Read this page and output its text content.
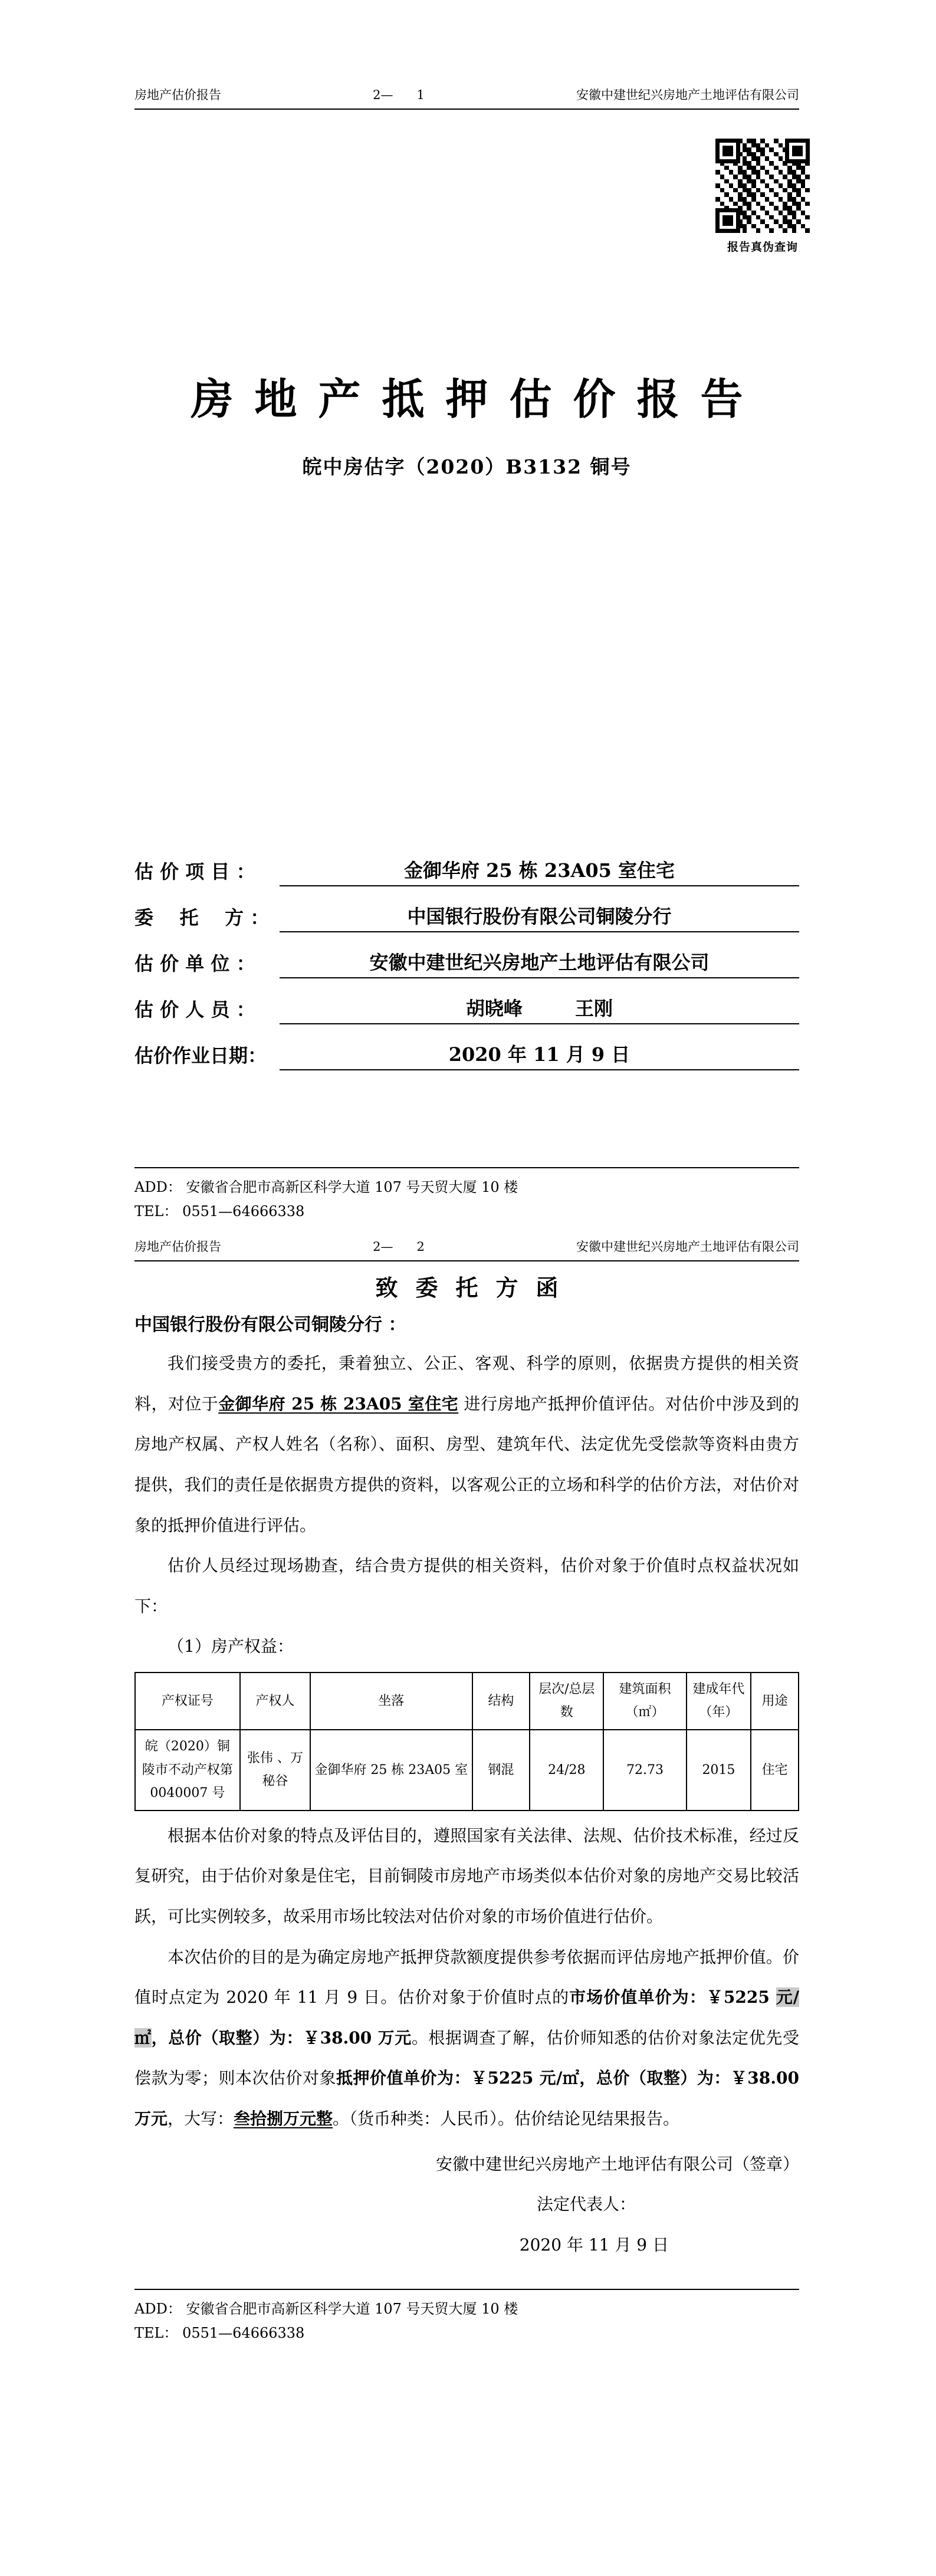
房地产估价报告	2—      1	安徽中建世纪兴房地产土地评估有限公司
报告真伪查询
房地产抵押估价报告
皖中房估字（2020）B3132 铜号
估 价 项 目 ：	金御华府 25 栋 23A05 室住宅
委    托    方 ：	中国银行股份有限公司铜陵分行
估 价 单 位 ：	安徽中建世纪兴房地产土地评估有限公司
估 价 人 员 ：	胡晓峰        王刚
估价作业日期：	2020 年 11 月 9 日
ADD： 安徽省合肥市高新区科学大道 107 号天贸大厦 10 楼
TEL： 0551—64666338
房地产估价报告	2—      2	安徽中建世纪兴房地产土地评估有限公司
致委托方函
中国银行股份有限公司铜陵分行 ：

我们接受贵方的委托，秉着独立、公正、客观、科学的原则，依据贵方提供的相关资料，对位于金御华府 25 栋 23A05 室住宅 进行房地产抵押价值评估。对估价中涉及到的房地产权属、产权人姓名（名称）、面积、房型、建筑年代、法定优先受偿款等资料由贵方提供，我们的责任是依据贵方提供的资料，以客观公正的立场和科学的估价方法，对估价对象的抵押价值进行评估。

估价人员经过现场勘查，结合贵方提供的相关资料，估价对象于价值时点权益状况如下：

（1）房产权益：

产权证号	产权人	坐落	结构	层次/总层数	建筑面积（㎡）	建成年代（年）	用途
皖（2020）铜陵市不动产权第0040007 号	张伟 、万秘谷	金御华府 25 栋 23A05 室	钢混	24/28	72.73	2015	住宅

根据本估价对象的特点及评估目的，遵照国家有关法律、法规、估价技术标准，经过反复研究，由于估价对象是住宅，目前铜陵市房地产市场类似本估价对象的房地产交易比较活跃，可比实例较多，故采用市场比较法对估价对象的市场价值进行估价。

本次估价的目的是为确定房地产抵押贷款额度提供参考依据而评估房地产抵押价值。价值时点定为 2020 年 11 月 9 日。估价对象于价值时点的市场价值单价为：￥5225 元/㎡，总价（取整）为：￥38.00 万元。根据调查了解，估价师知悉的估价对象法定优先受偿款为零；则本次估价对象抵押价值单价为：￥5225 元/㎡，总价（取整）为：￥38.00 万元，大写：叁拾捌万元整。（货币种类：人民币）。估价结论见结果报告。

安徽中建世纪兴房地产土地评估有限公司（签章）
法定代表人：
2020 年 11 月 9 日
ADD： 安徽省合肥市高新区科学大道 107 号天贸大厦 10 楼
TEL： 0551—64666338
